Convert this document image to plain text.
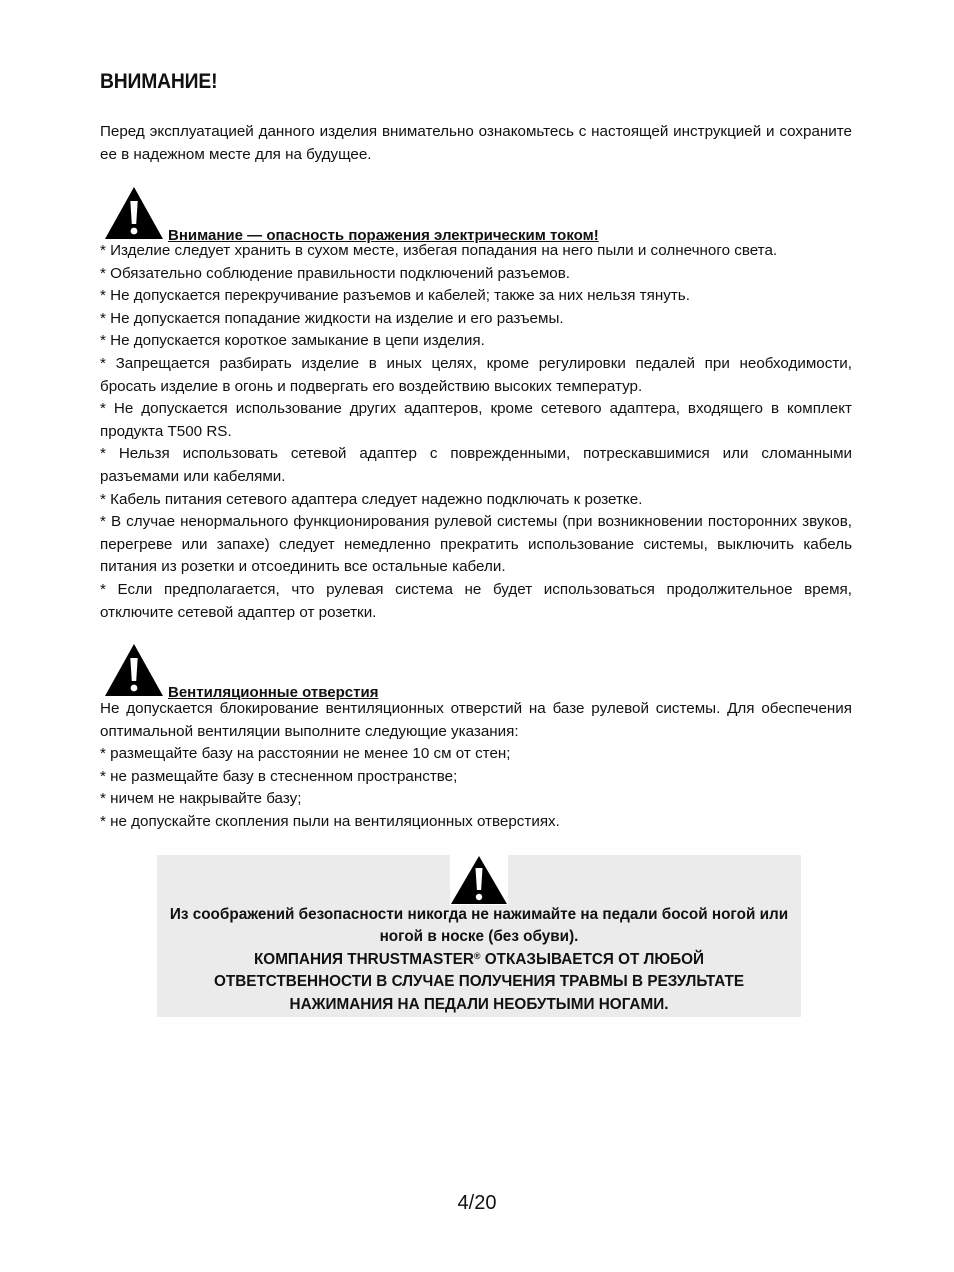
ВНИМАНИЕ!

Перед эксплуатацией данного изделия внимательно ознакомьтесь с настоящей инструкцией и сохраните ее в надежном месте для на будущее.

Внимание — опасность поражения электрическим током!

* Изделие следует хранить в сухом месте, избегая попадания на него пыли и солнечного света.

* Обязательно соблюдение правильности подключений разъемов.

* Не допускается перекручивание разъемов и кабелей; также за них нельзя тянуть.

* Не допускается попадание жидкости на изделие и его разъемы.

* Не допускается короткое замыкание в цепи изделия.

* Запрещается разбирать изделие в иных целях, кроме регулировки педалей при необходимости, бросать изделие в огонь и подвергать его воздействию высоких температур.

* Не допускается использование других адаптеров, кроме сетевого адаптера, входящего в комплект продукта T500 RS.

* Нельзя использовать сетевой адаптер с поврежденными, потрескавшимися или сломанными разъемами или кабелями.

* Кабель питания сетевого адаптера следует надежно подключать к розетке.

* В случае ненормального функционирования рулевой системы (при возникновении посторонних звуков, перегреве или запахе) следует немедленно прекратить использование системы, выключить кабель питания из розетки и отсоединить все остальные кабели.

* Если предполагается, что рулевая система не будет использоваться продолжительное время, отключите сетевой адаптер от розетки.

Вентиляционные отверстия

Не допускается блокирование вентиляционных отверстий на базе рулевой системы. Для обеспечения оптимальной вентиляции выполните следующие указания:

* размещайте базу на расстоянии не менее 10 см от стен;

* не размещайте базу в стесненном пространстве;

* ничем не накрывайте базу;

* не допускайте скопления пыли на вентиляционных отверстиях.

Из соображений безопасности никогда не нажимайте на педали босой ногой или ногой в носке (без обуви).
КОМПАНИЯ THRUSTMASTER® ОТКАЗЫВАЕТСЯ ОТ ЛЮБОЙ ОТВЕТСТВЕННОСТИ В СЛУЧАЕ ПОЛУЧЕНИЯ ТРАВМЫ В РЕЗУЛЬТАТЕ НАЖИМАНИЯ НА ПЕДАЛИ НЕОБУТЫМИ НОГАМИ.

4/20
